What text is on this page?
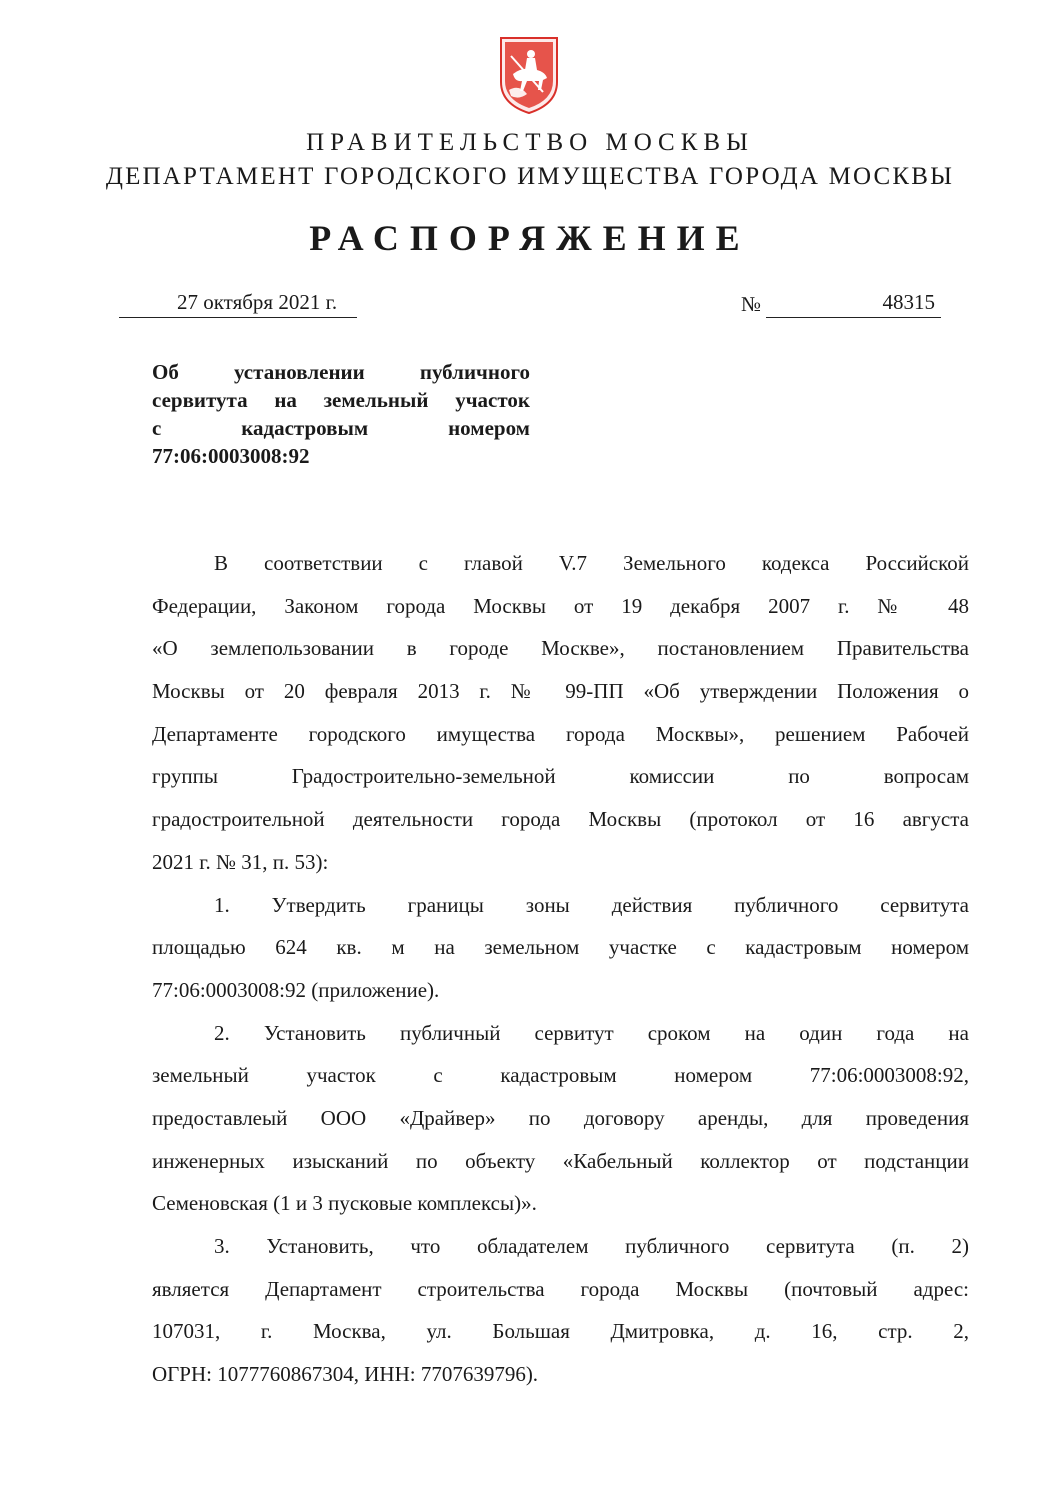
ПРАВИТЕЛЬСТВО МОСКВЫ
ДЕПАРТАМЕНТ ГОРОДСКОГО ИМУЩЕСТВА ГОРОДА МОСКВЫ
РАСПОРЯЖЕНИЕ
27 октября 2021 г.	№	48315
Об установлении публичного
сервитута на земельный участок
с кадастровым номером
77:06:0003008:92
В соответствии с главой V.7 Земельного кодекса Российской
Федерации, Законом города Москвы от 19 декабря 2007 г. № 48
«О землепользовании в городе Москве», постановлением Правительства
Москвы от 20 февраля 2013 г. № 99-ПП «Об утверждении Положения о
Департаменте городского имущества города Москвы», решением Рабочей
группы Градостроительно-земельной комиссии по вопросам
градостроительной деятельности города Москвы (протокол от 16 августа
2021 г. № 31, п. 53):
1. Утвердить границы зоны действия публичного сервитута
площадью 624 кв. м на земельном участке с кадастровым номером
77:06:0003008:92 (приложение).
2. Установить публичный сервитут сроком на один года на
земельный участок с кадастровым номером 77:06:0003008:92,
предоставлеый ООО «Драйвер» по договору аренды, для проведения
инженерных изысканий по объекту «Кабельный коллектор от подстанции
Семеновская (1 и 3 пусковые комплексы)».
3. Установить, что обладателем публичного сервитута (п. 2)
является Департамент строительства города Москвы (почтовый адрес:
107031, г. Москва, ул. Большая Дмитровка, д. 16, стр. 2,
ОГРН: 1077760867304, ИНН: 7707639796).
